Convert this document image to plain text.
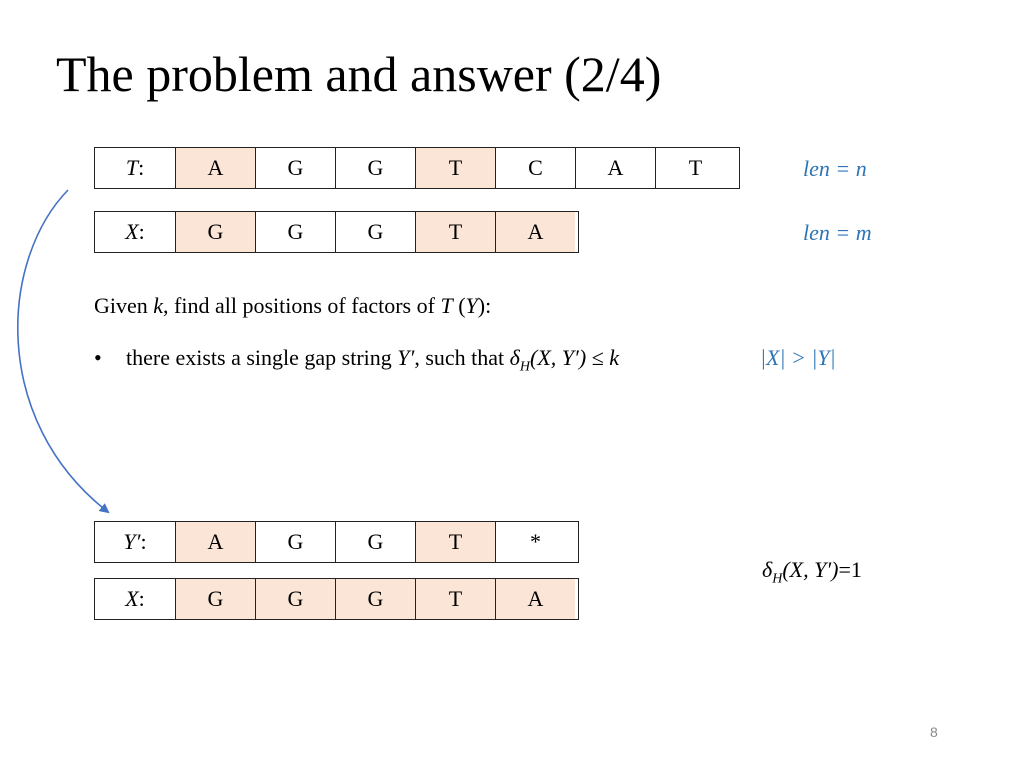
The problem and answer (2/4)
T :	A	G	G	T	C	A	T
X :	G	G	G	T	A
len = n
len = m
Given k, find all positions of factors of T (Y):
• there exists a single gap string Y′, such that $\delta_H(X$, Y′) ≤ k	|X| > |Y|
Y′ :	A	G	G	T	*
X :	G	G	G	T	A
$\delta_H(X$, Y′)=1
8
